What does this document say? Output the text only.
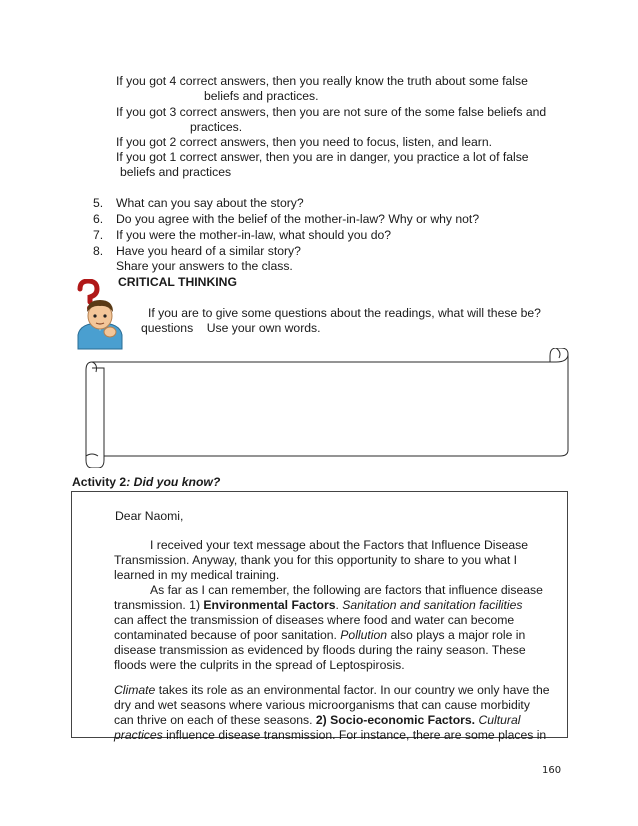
If you got 4 correct answers, then you really know the truth about some false
beliefs and practices.
If you got 3 correct answers, then you are not sure of the some false beliefs and
practices.
If you got 2 correct answers, then you need to focus, listen, and learn.
If you got 1 correct answer, then you are in danger, you practice a lot of false
beliefs and practices
5. What can you say about the story?
6. Do you agree with the belief of the mother-in-law? Why or why not?
7. If you were the mother-in-law, what should you do?
8. Have you heard of a similar story?
Share your answers to the class.
CRITICAL THINKING
If you are to give some questions about the readings, what will these be?
questions    Use your own words.
Activity 2: Did you know?
Dear Naomi,
I received your text message about the Factors that Influence Disease
Transmission. Anyway, thank you for this opportunity to share to you what I
learned in my medical training.
As far as I can remember, the following are factors that influence disease
transmission. 1) Environmental Factors. Sanitation and sanitation facilities
can affect the transmission of diseases where food and water can become
contaminated because of poor sanitation. Pollution also plays a major role in
disease transmission as evidenced by floods during the rainy season. These
floods were the culprits in the spread of Leptospirosis.
Climate takes its role as an environmental factor. In our country we only have the
dry and wet seasons where various microorganisms that can cause morbidity
can thrive on each of these seasons. 2) Socio-economic Factors. Cultural
practices influence disease transmission. For instance, there are some places in
160
